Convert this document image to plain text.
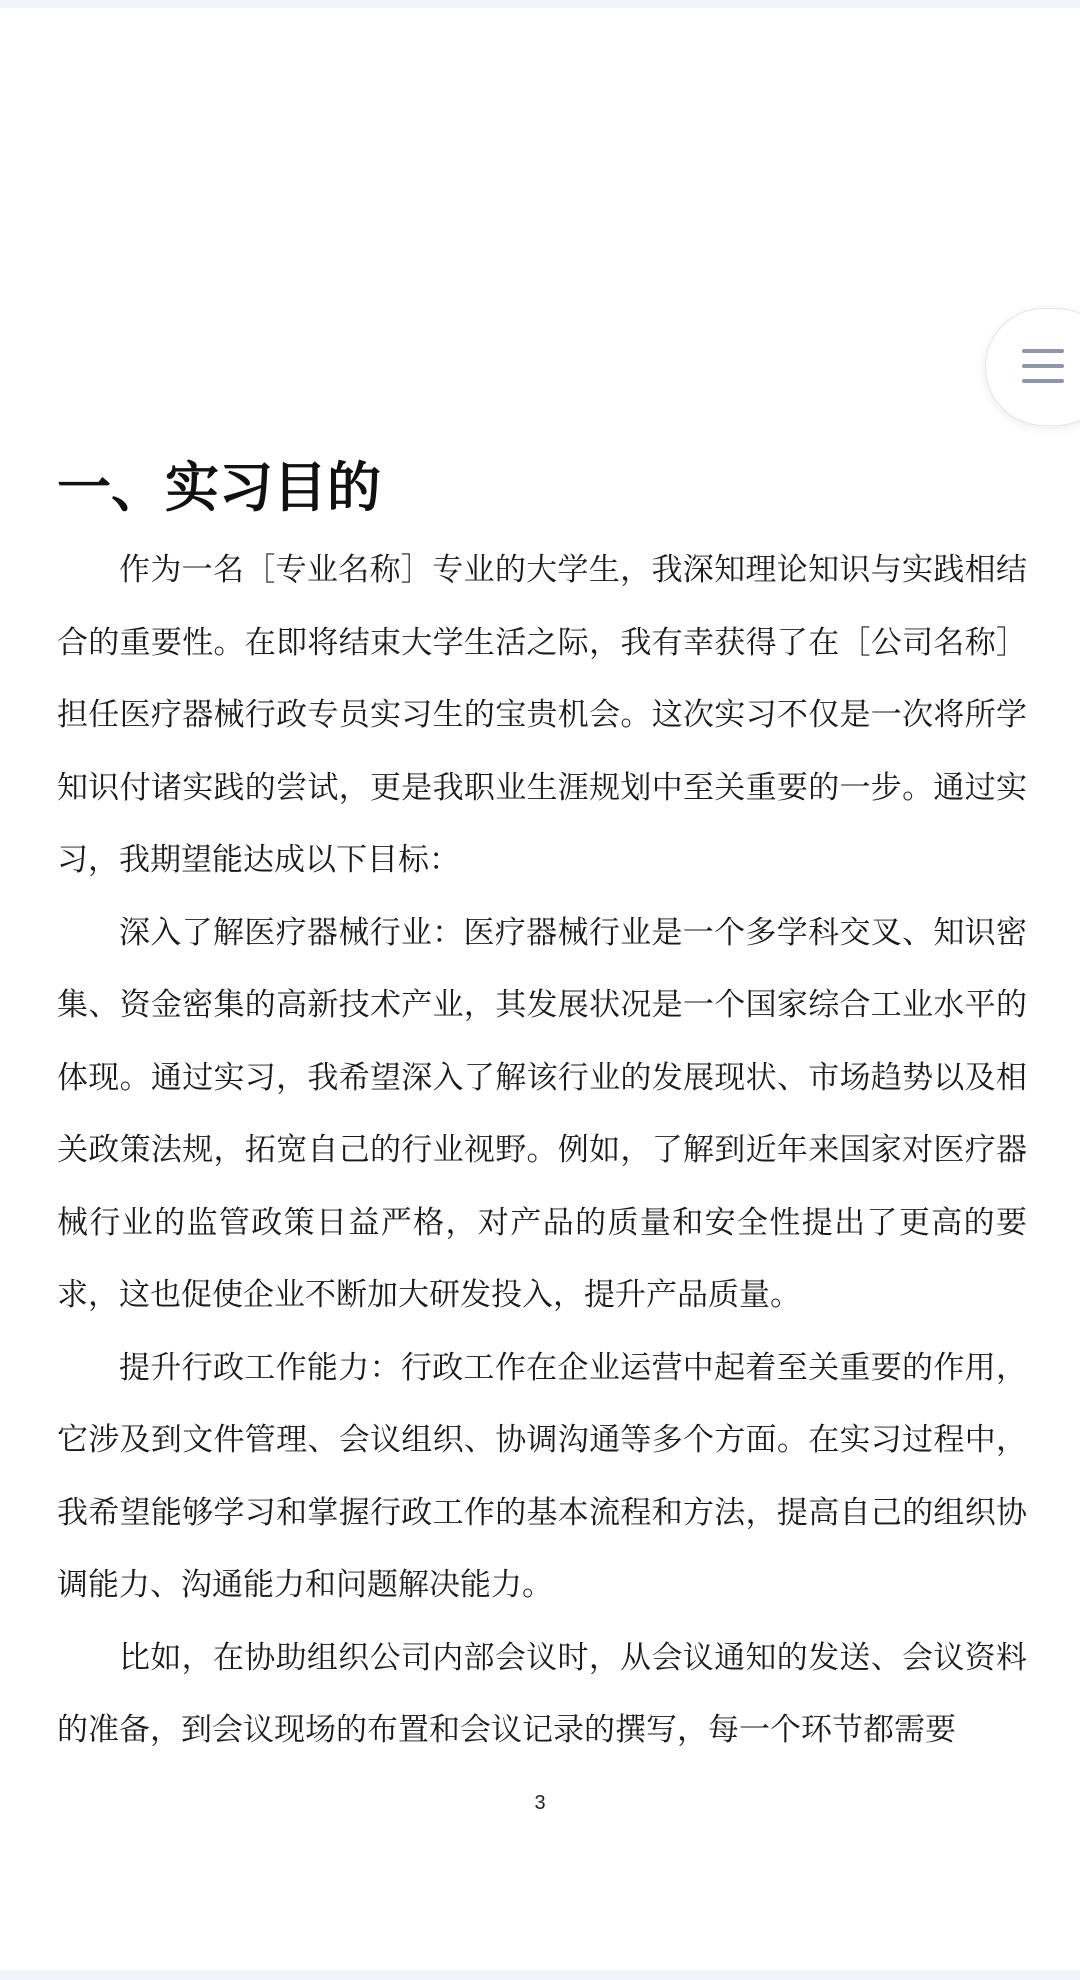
一、实习目的

作为一名［专业名称］专业的大学生，我深知理论知识与实践相结合的重要性。在即将结束大学生活之际，我有幸获得了在［公司名称］担任医疗器械行政专员实习生的宝贵机会。这次实习不仅是一次将所学知识付诸实践的尝试，更是我职业生涯规划中至关重要的一步。通过实习，我期望能达成以下目标：

深入了解医疗器械行业：医疗器械行业是一个多学科交叉、知识密集、资金密集的高新技术产业，其发展状况是一个国家综合工业水平的体现。通过实习，我希望深入了解该行业的发展现状、市场趋势以及相关政策法规，拓宽自己的行业视野。例如，了解到近年来国家对医疗器械行业的监管政策日益严格，对产品的质量和安全性提出了更高的要求，这也促使企业不断加大研发投入，提升产品质量。

提升行政工作能力：行政工作在企业运营中起着至关重要的作用，它涉及到文件管理、会议组织、协调沟通等多个方面。在实习过程中，我希望能够学习和掌握行政工作的基本流程和方法，提高自己的组织协调能力、沟通能力和问题解决能力。

比如，在协助组织公司内部会议时，从会议通知的发送、会议资料的准备，到会议现场的布置和会议记录的撰写，每一个环节都需要

3
